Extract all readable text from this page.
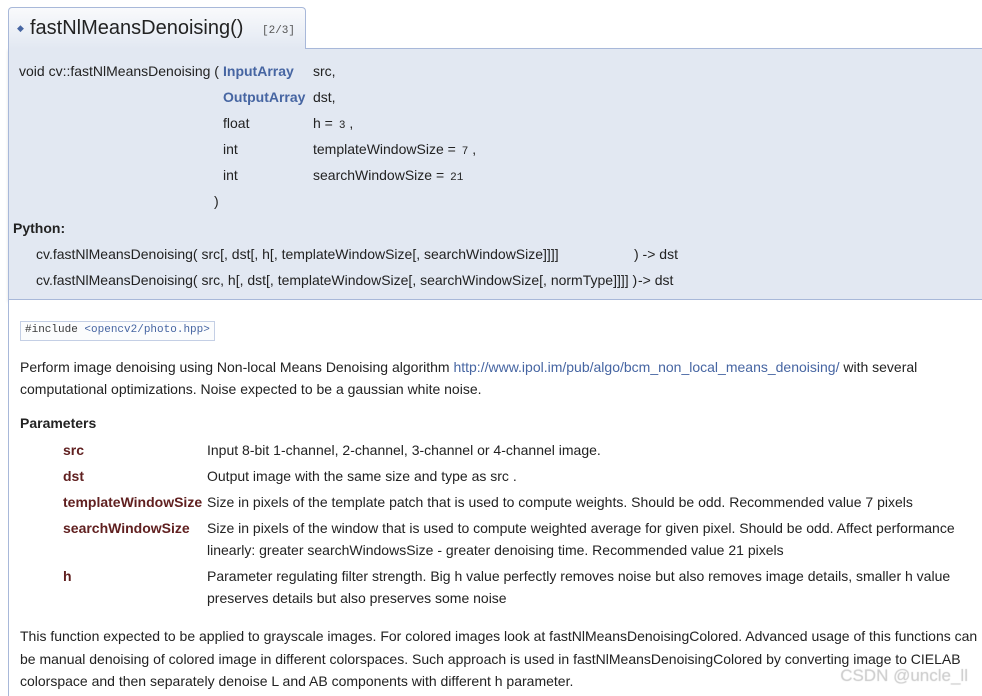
◆ fastNlMeansDenoising() [2/3]
void cv::fastNlMeansDenoising ( InputArray src,
OutputArray dst,
float	h = 3 ,
int	templateWindowSize = 7 ,
int	searchWindowSize = 21
)
Python:
cv.fastNlMeansDenoising( src[, dst[, h[, templateWindowSize[, searchWindowSize]]]]	) -> dst
cv.fastNlMeansDenoising( src, h[, dst[, templateWindowSize[, searchWindowSize[, normType]]]] ) -> dst
#include <opencv2/photo.hpp>
Perform image denoising using Non-local Means Denoising algorithm http://www.ipol.im/pub/algo/bcm_non_local_means_denoising/ with several
computational optimizations. Noise expected to be a gaussian white noise.
Parameters
src	Input 8-bit 1-channel, 2-channel, 3-channel or 4-channel image.
dst	Output image with the same size and type as src .
templateWindowSize Size in pixels of the template patch that is used to compute weights. Should be odd. Recommended value 7 pixels
searchWindowSize Size in pixels of the window that is used to compute weighted average for given pixel. Should be odd. Affect performance
linearly: greater searchWindowsSize - greater denoising time. Recommended value 21 pixels
h	Parameter regulating filter strength. Big h value perfectly removes noise but also removes image details, smaller h value
preserves details but also preserves some noise
This function expected to be applied to grayscale images. For colored images look at fastNlMeansDenoisingColored. Advanced usage of this functions can
be manual denoising of colored image in different colorspaces. Such approach is used in fastNlMeansDenoisingColored by converting image to CIELAB
colorspace and then separately denoise L and AB components with different h parameter.	CSDN @uncle_ll
